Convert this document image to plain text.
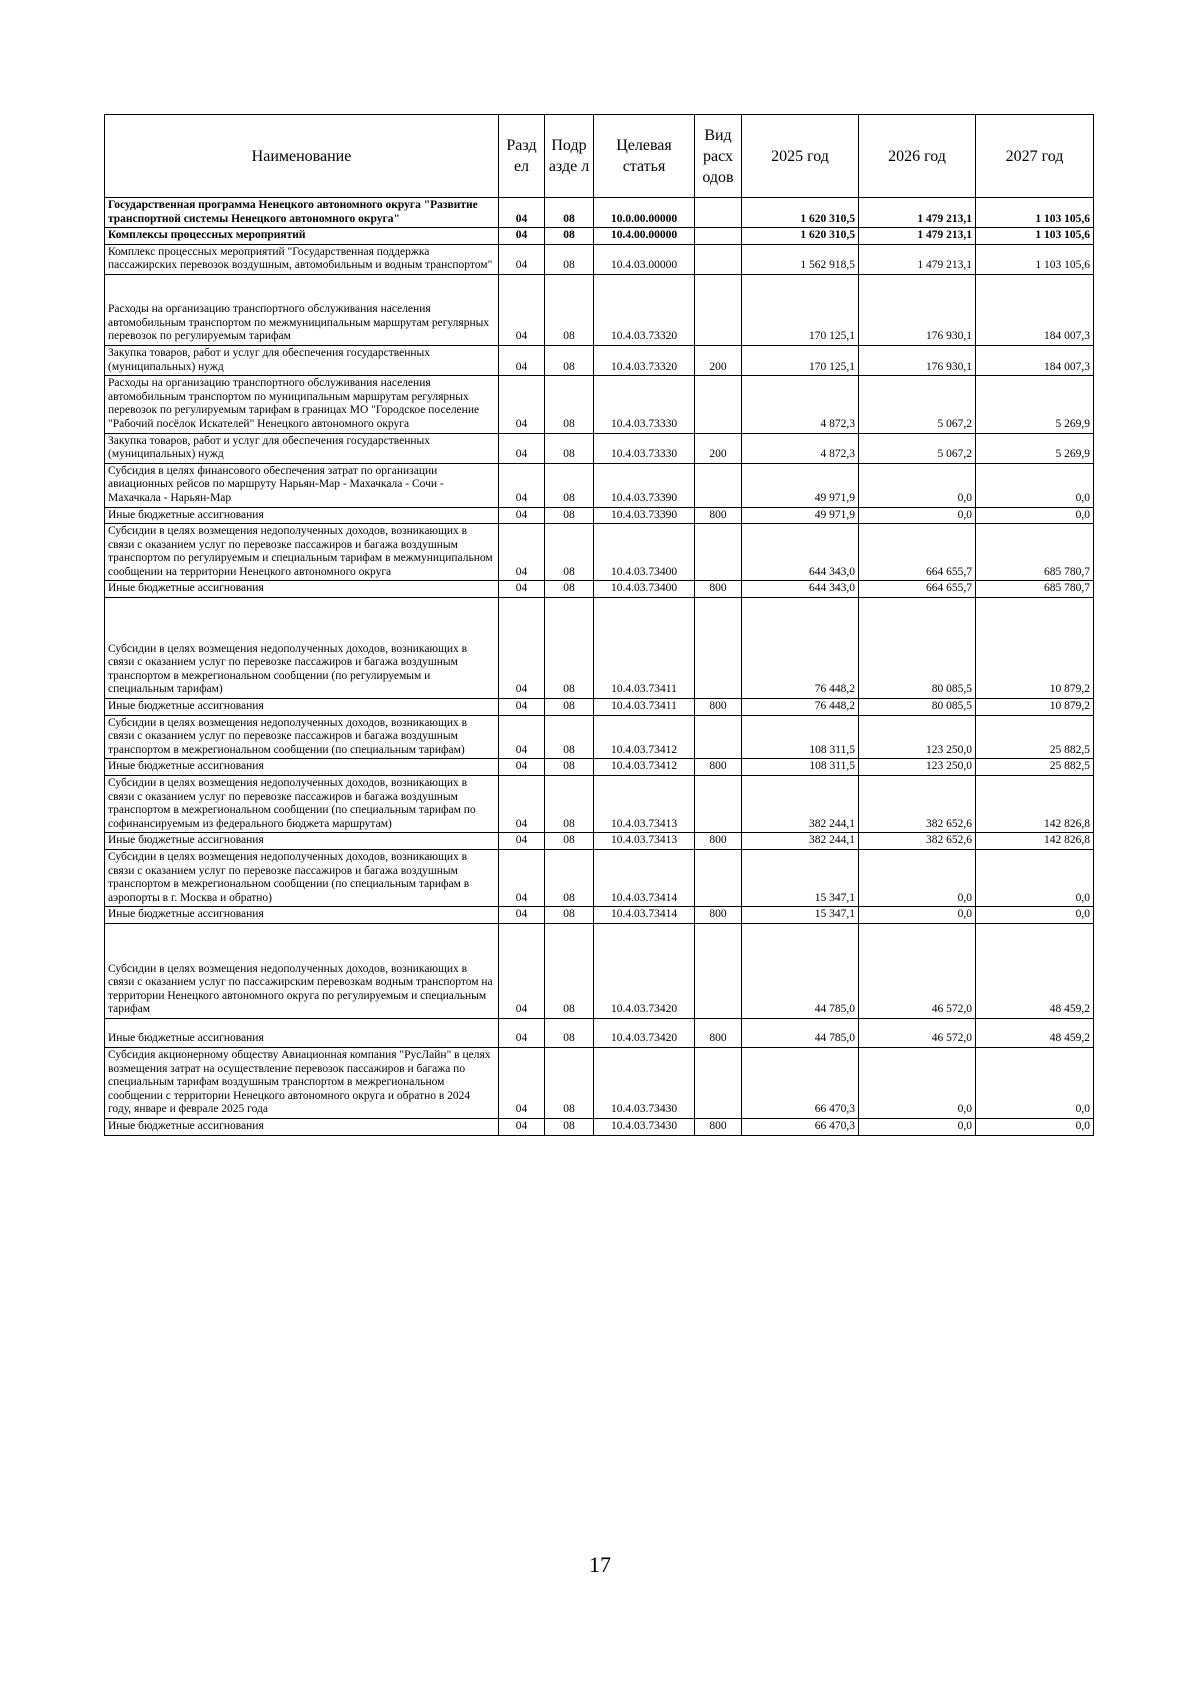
Наименование	Разд ел	Подр азде л	Целевая статья	Вид расх одов	2025 год	2026 год	2027 год
Государственная программа Ненецкого автономного округа "Развитие транспортной системы Ненецкого автономного округа"	04	08	10.0.00.00000		1 620 310,5	1 479 213,1	1 103 105,6
Комплексы процессных мероприятий	04	08	10.4.00.00000		1 620 310,5	1 479 213,1	1 103 105,6
Комплекс процессных мероприятий "Государственная поддержка пассажирских перевозок воздушным, автомобильным и водным транспортом"	04	08	10.4.03.00000		1 562 918,5	1 479 213,1	1 103 105,6
Расходы на организацию транспортного обслуживания населения автомобильным транспортом по межмуниципальным маршрутам регулярных перевозок по регулируемым тарифам	04	08	10.4.03.73320		170 125,1	176 930,1	184 007,3
Закупка товаров, работ и услуг для обеспечения государственных (муниципальных) нужд	04	08	10.4.03.73320	200	170 125,1	176 930,1	184 007,3
Расходы на организацию транспортного обслуживания населения автомобильным транспортом по муниципальным маршрутам регулярных перевозок по регулируемым тарифам в границах МО "Городское поселение "Рабочий посёлок Искателей" Ненецкого автономного округа	04	08	10.4.03.73330		4 872,3	5 067,2	5 269,9
Закупка товаров, работ и услуг для обеспечения государственных (муниципальных) нужд	04	08	10.4.03.73330	200	4 872,3	5 067,2	5 269,9
Субсидия в целях финансового обеспечения затрат по организации авиационных рейсов по маршруту Нарьян-Мар - Махачкала - Сочи - Махачкала - Нарьян-Мар	04	08	10.4.03.73390		49 971,9	0,0	0,0
Иные бюджетные ассигнования	04	08	10.4.03.73390	800	49 971,9	0,0	0,0
Субсидии в целях возмещения недополученных доходов, возникающих в связи с оказанием услуг по перевозке пассажиров и багажа воздушным транспортом по регулируемым и специальным тарифам в межмуниципальном сообщении на территории Ненецкого автономного округа	04	08	10.4.03.73400		644 343,0	664 655,7	685 780,7
Иные бюджетные ассигнования	04	08	10.4.03.73400	800	644 343,0	664 655,7	685 780,7
Субсидии в целях возмещения недополученных доходов, возникающих в связи с оказанием услуг по перевозке пассажиров и багажа воздушным транспортом в межрегиональном сообщении (по регулируемым и специальным тарифам)	04	08	10.4.03.73411		76 448,2	80 085,5	10 879,2
Иные бюджетные ассигнования	04	08	10.4.03.73411	800	76 448,2	80 085,5	10 879,2
Субсидии в целях возмещения недополученных доходов, возникающих в связи с оказанием услуг по перевозке пассажиров и багажа воздушным транспортом в межрегиональном сообщении (по специальным тарифам)	04	08	10.4.03.73412		108 311,5	123 250,0	25 882,5
Иные бюджетные ассигнования	04	08	10.4.03.73412	800	108 311,5	123 250,0	25 882,5
Субсидии в целях возмещения недополученных доходов, возникающих в связи с оказанием услуг по перевозке пассажиров и багажа воздушным транспортом в межрегиональном сообщении (по специальным тарифам по софинансируемым из федерального бюджета маршрутам)	04	08	10.4.03.73413		382 244,1	382 652,6	142 826,8
Иные бюджетные ассигнования	04	08	10.4.03.73413	800	382 244,1	382 652,6	142 826,8
Субсидии в целях возмещения недополученных доходов, возникающих в связи с оказанием услуг по перевозке пассажиров и багажа воздушным транспортом в межрегиональном сообщении (по специальным тарифам в аэропорты в г. Москва и обратно)	04	08	10.4.03.73414		15 347,1	0,0	0,0
Иные бюджетные ассигнования	04	08	10.4.03.73414	800	15 347,1	0,0	0,0
Субсидии в целях возмещения недополученных доходов, возникающих в связи с оказанием услуг по пассажирским перевозкам водным транспортом на территории Ненецкого автономного округа по регулируемым и специальным тарифам	04	08	10.4.03.73420		44 785,0	46 572,0	48 459,2
Иные бюджетные ассигнования	04	08	10.4.03.73420	800	44 785,0	46 572,0	48 459,2
Субсидия акционерному обществу Авиационная компания "РусЛайн" в целях возмещения затрат на осуществление перевозок пассажиров и багажа по специальным тарифам воздушным транспортом в межрегиональном сообщении с территории Ненецкого автономного округа и обратно в 2024 году, январе и феврале 2025 года	04	08	10.4.03.73430		66 470,3	0,0	0,0
Иные бюджетные ассигнования	04	08	10.4.03.73430	800	66 470,3	0,0	0,0
17
